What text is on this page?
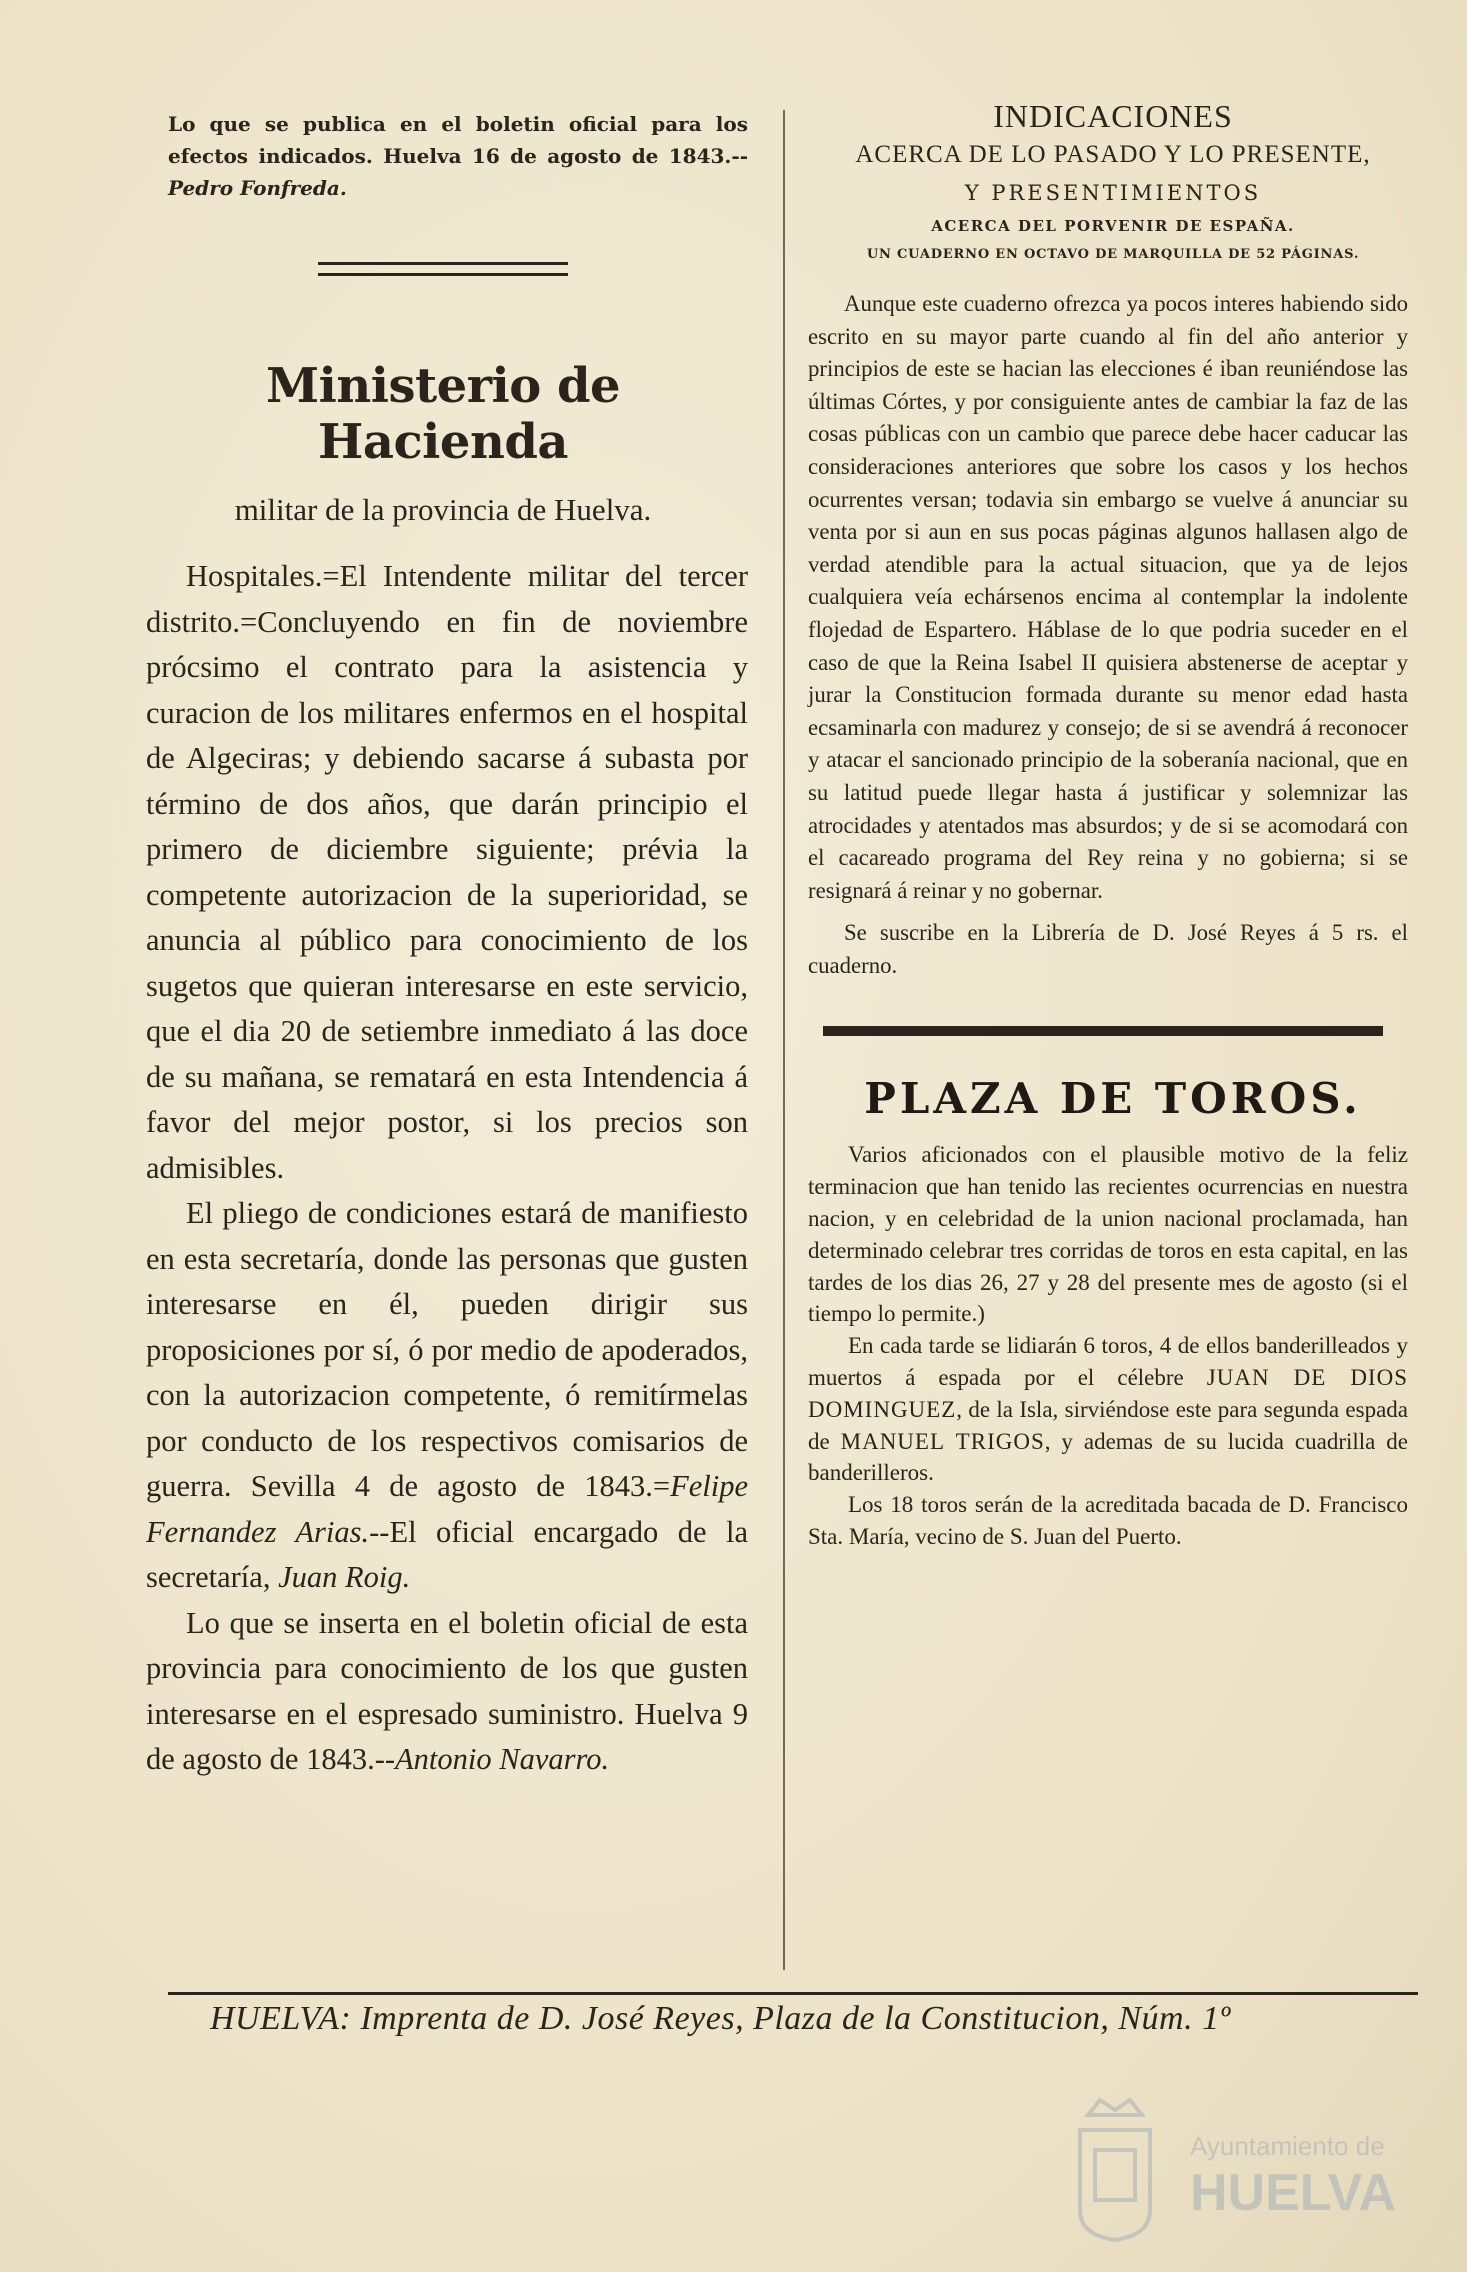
Lo que se publica en el boletin oficial para los efectos indicados. Huelva 16 de agosto de 1843.-- Pedro Fonfreda.
Ministerio de Hacienda
militar de la provincia de Huelva.

Hospitales.=El Intendente militar del tercer distrito.=Concluyendo en fin de noviembre prócsimo el contrato para la asistencia y curacion de los militares enfermos en el hospital de Algeciras; y debiendo sacarse á subasta por término de dos años, que darán principio el primero de diciembre siguiente; prévia la competente autorizacion de la superioridad, se anuncia al público para conocimiento de los sugetos que quieran interesarse en este servicio, que el dia 20 de setiembre inmediato á las doce de su mañana, se rematará en esta Intendencia á favor del mejor postor, si los precios son admisibles.

El pliego de condiciones estará de manifiesto en esta secretaría, donde las personas que gusten interesarse en él, pueden dirigir sus proposiciones por sí, ó por medio de apoderados, con la autorizacion competente, ó remitírmelas por conducto de los respectivos comisarios de guerra. Sevilla 4 de agosto de 1843.=Felipe Fernandez Arias.--El oficial encargado de la secretaría, Juan Roig.

Lo que se inserta en el boletin oficial de esta provincia para conocimiento de los que gusten interesarse en el espresado suministro. Huelva 9 de agosto de 1843.--Antonio Navarro.

INDICACIONES
ACERCA DE LO PASADO Y LO PRESENTE,
Y PRESENTIMIENTOS
ACERCA DEL PORVENIR DE ESPAÑA.
UN CUADERNO EN OCTAVO DE MARQUILLA DE 52 PÁGINAS.

Aunque este cuaderno ofrezca ya pocos interes habiendo sido escrito en su mayor parte cuando al fin del año anterior y principios de este se hacian las elecciones é iban reuniéndose las últimas Córtes, y por consiguiente antes de cambiar la faz de las cosas públicas con un cambio que parece debe hacer caducar las consideraciones anteriores que sobre los casos y los hechos ocurrentes versan; todavia sin embargo se vuelve á anunciar su venta por si aun en sus pocas páginas algunos hallasen algo de verdad atendible para la actual situacion, que ya de lejos cualquiera veía echársenos encima al contemplar la indolente flojedad de Espartero. Háblase de lo que podria suceder en el caso de que la Reina Isabel II quisiera abstenerse de aceptar y jurar la Constitucion formada durante su menor edad hasta ecsaminarla con madurez y consejo; de si se avendrá á reconocer y atacar el sancionado principio de la soberanía nacional, que en su latitud puede llegar hasta á justificar y solemnizar las atrocidades y atentados mas absurdos; y de si se acomodará con el cacareado programa del Rey reina y no gobierna; si se resignará á reinar y no gobernar.

Se suscribe en la Librería de D. José Reyes á 5 rs. el cuaderno.

PLAZA DE TOROS.

Varios aficionados con el plausible motivo de la feliz terminacion que han tenido las recientes ocurrencias en nuestra nacion, y en celebridad de la union nacional proclamada, han determinado celebrar tres corridas de toros en esta capital, en las tardes de los dias 26, 27 y 28 del presente mes de agosto (si el tiempo lo permite.)

En cada tarde se lidiarán 6 toros, 4 de ellos banderilleados y muertos á espada por el célebre JUAN DE DIOS DOMINGUEZ, de la Isla, sirviéndose este para segunda espada de MANUEL TRIGOS, y ademas de su lucida cuadrilla de banderilleros.

Los 18 toros serán de la acreditada bacada de D. Francisco Sta. María, vecino de S. Juan del Puerto.

HUELVA: Imprenta de D. José Reyes, Plaza de la Constitucion, Núm. 1º
Ayuntamiento de
HUELVA
